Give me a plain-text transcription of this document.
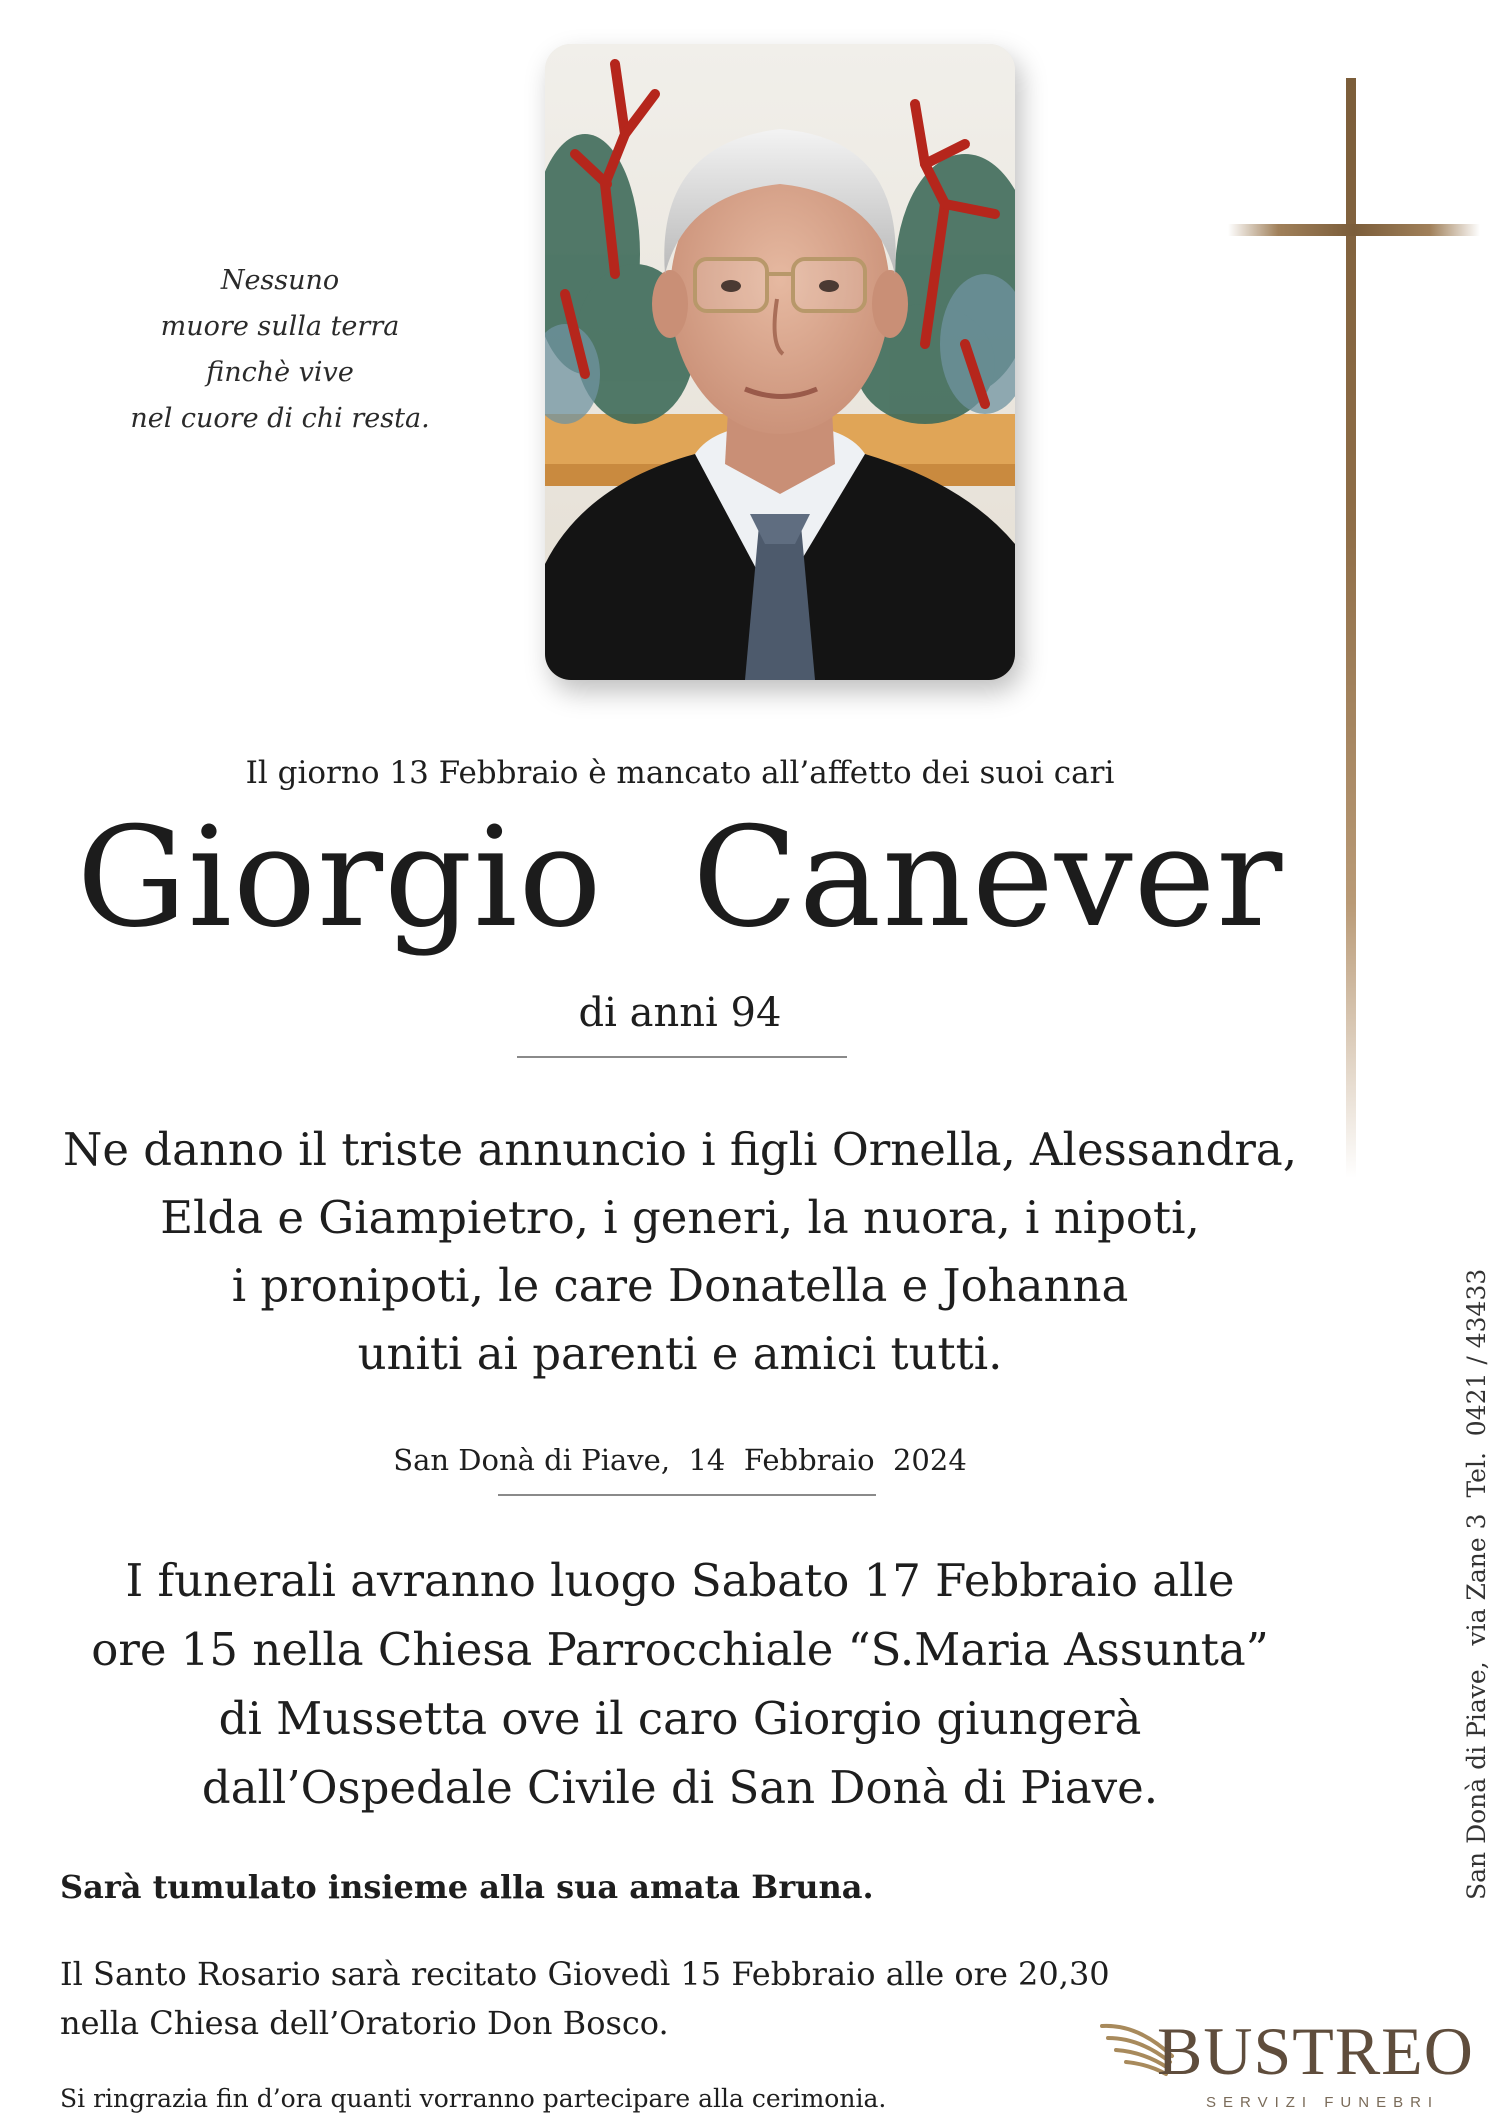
Nessuno
muore sulla terra
finchè vive
nel cuore di chi resta.
Il giorno 13 Febbraio è mancato all’affetto dei suoi cari
Giorgio  Canever
di anni 94
Ne danno il triste annuncio i figli Ornella, Alessandra,
Elda e Giampietro, i generi, la nuora, i nipoti,
i pronipoti, le care Donatella e Johanna
uniti ai parenti e amici tutti.
San Donà di Piave,  14  Febbraio  2024
I funerali avranno luogo Sabato 17 Febbraio alle
ore 15 nella Chiesa Parrocchiale “S.Maria Assunta”
di Mussetta ove il caro Giorgio giungerà
dall’Ospedale Civile di San Donà di Piave.
Sarà tumulato insieme alla sua amata Bruna.
Il Santo Rosario sarà recitato Giovedì 15 Febbraio alle ore 20,30
nella Chiesa dell’Oratorio Don Bosco.
Si ringrazia fin d’ora quanti vorranno partecipare alla cerimonia.
San Donà di Piave,  via Zane 3  Tel.  0421 / 43433
BUSTREO
SERVIZI FUNEBRI
